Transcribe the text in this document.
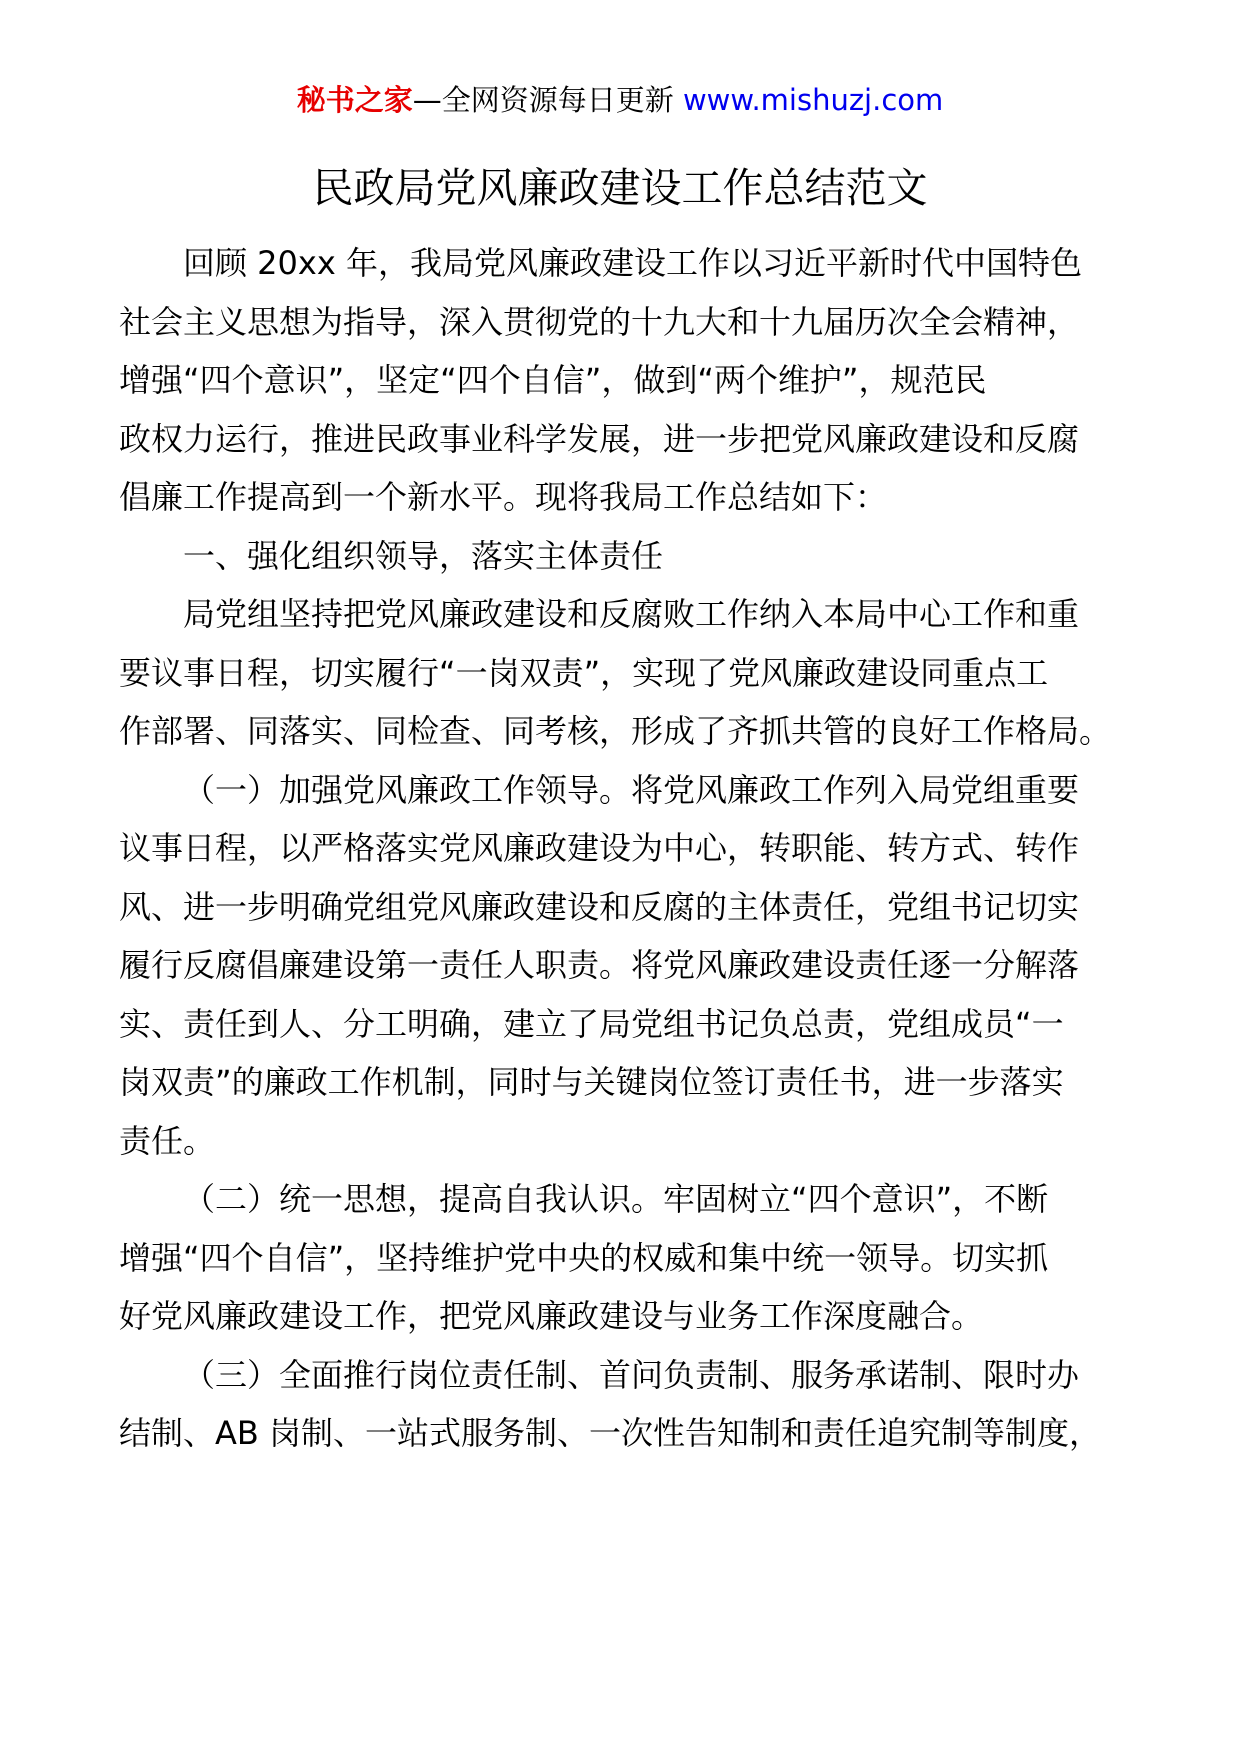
秘书之家—全网资源每日更新 www.mishuzj.com
民政局党风廉政建设工作总结范文

回顾 20xx 年，我局党风廉政建设工作以习近平新时代中国特色
社会主义思想为指导，深入贯彻党的十九大和十九届历次全会精神，
增强“四个意识”，坚定“四个自信”，做到“两个维护”，规范民
政权力运行，推进民政事业科学发展，进一步把党风廉政建设和反腐
倡廉工作提高到一个新水平。现将我局工作总结如下：

一、强化组织领导，落实主体责任

局党组坚持把党风廉政建设和反腐败工作纳入本局中心工作和重
要议事日程，切实履行“一岗双责”，实现了党风廉政建设同重点工
作部署、同落实、同检查、同考核，形成了齐抓共管的良好工作格局。

（一）加强党风廉政工作领导。将党风廉政工作列入局党组重要
议事日程，以严格落实党风廉政建设为中心，转职能、转方式、转作
风、进一步明确党组党风廉政建设和反腐的主体责任，党组书记切实
履行反腐倡廉建设第一责任人职责。将党风廉政建设责任逐一分解落
实、责任到人、分工明确，建立了局党组书记负总责，党组成员“一
岗双责”的廉政工作机制，同时与关键岗位签订责任书，进一步落实
责任。

（二）统一思想，提高自我认识。牢固树立“四个意识”，不断
增强“四个自信”，坚持维护党中央的权威和集中统一领导。切实抓
好党风廉政建设工作，把党风廉政建设与业务工作深度融合。

（三）全面推行岗位责任制、首问负责制、服务承诺制、限时办
结制、AB 岗制、一站式服务制、一次性告知制和责任追究制等制度，
